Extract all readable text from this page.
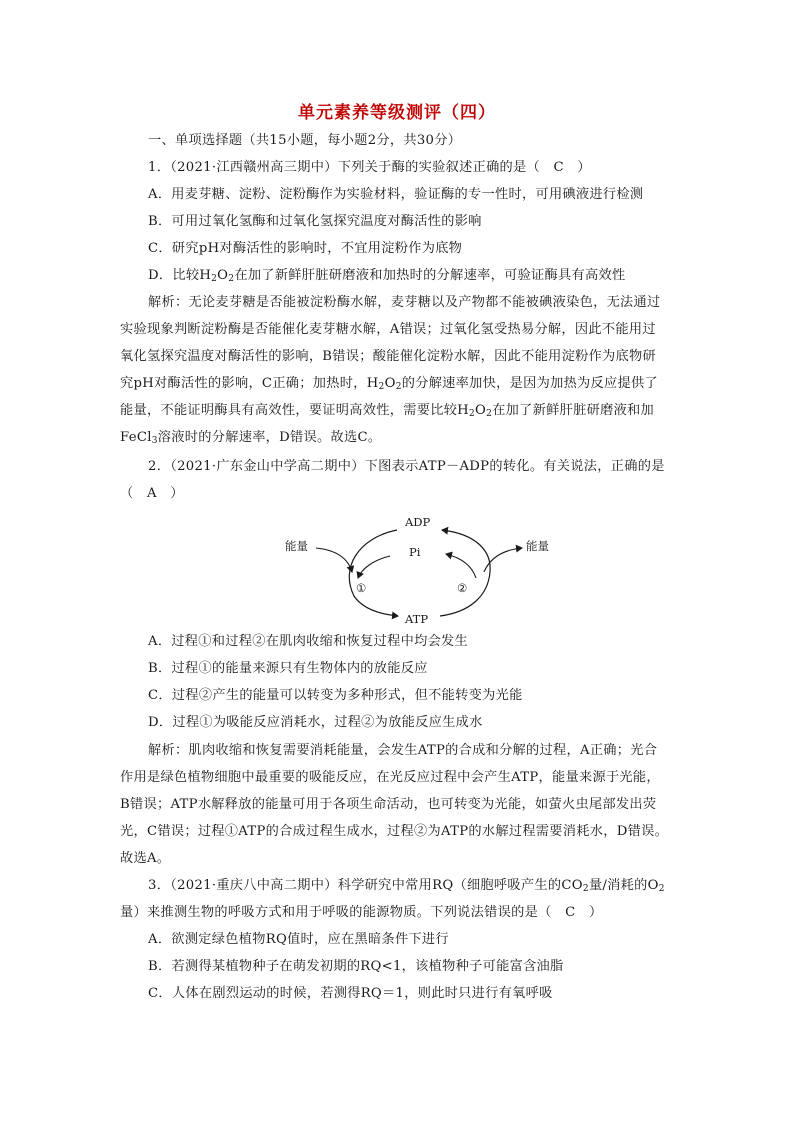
单元素养等级测评（四）
一、单项选择题（共15小题，每小题2分，共30分）
1．（2021·江西赣州高三期中）下列关于酶的实验叙述正确的是（　C　）
A．用麦芽糖、淀粉、淀粉酶作为实验材料，验证酶的专一性时，可用碘液进行检测
B．可用过氧化氢酶和过氧化氢探究温度对酶活性的影响
C．研究pH对酶活性的影响时，不宜用淀粉作为底物
D．比较$H_2O_2$在加了新鲜肝脏研磨液和加热时的分解速率，可验证酶具有高效性
解析：无论麦芽糖是否能被淀粉酶水解，麦芽糖以及产物都不能被碘液染色，无法通过
实验现象判断淀粉酶是否能催化麦芽糖水解，A错误；过氧化氢受热易分解，因此不能用过
氧化氢探究温度对酶活性的影响，B错误；酸能催化淀粉水解，因此不能用淀粉作为底物研
究pH对酶活性的影响，C正确；加热时，$H_2O_2$的分解速率加快，是因为加热为反应提供了
能量，不能证明酶具有高效性，要证明高效性，需要比较$H_2O_2$在加了新鲜肝脏研磨液和加
FeCl$_3$溶液时的分解速率，D错误。故选C。
2．（2021·广东金山中学高二期中）下图表示ATP－ADP的转化。有关说法，正确的是
（　A　）
ADP
Pi
ATP
能量	能量
①	②
A．过程①和过程②在肌肉收缩和恢复过程中均会发生
B．过程①的能量来源只有生物体内的放能反应
C．过程②产生的能量可以转变为多种形式，但不能转变为光能
D．过程①为吸能反应消耗水，过程②为放能反应生成水
解析：肌肉收缩和恢复需要消耗能量，会发生ATP的合成和分解的过程，A正确；光合
作用是绿色植物细胞中最重要的吸能反应，在光反应过程中会产生ATP，能量来源于光能，
B错误；ATP水解释放的能量可用于各项生命活动，也可转变为光能，如萤火虫尾部发出荧
光，C错误；过程①ATP的合成过程生成水，过程②为ATP的水解过程需要消耗水，D错误。
故选A。
3．（2021·重庆八中高二期中）科学研究中常用RQ（细胞呼吸产生的$CO_2$量/消耗的$O_2$
量）来推测生物的呼吸方式和用于呼吸的能源物质。下列说法错误的是（　C　）
A．欲测定绿色植物RQ值时，应在黑暗条件下进行
B．若测得某植物种子在萌发初期的RQ<1，该植物种子可能富含油脂
C．人体在剧烈运动的时候，若测得RQ＝1，则此时只进行有氧呼吸
